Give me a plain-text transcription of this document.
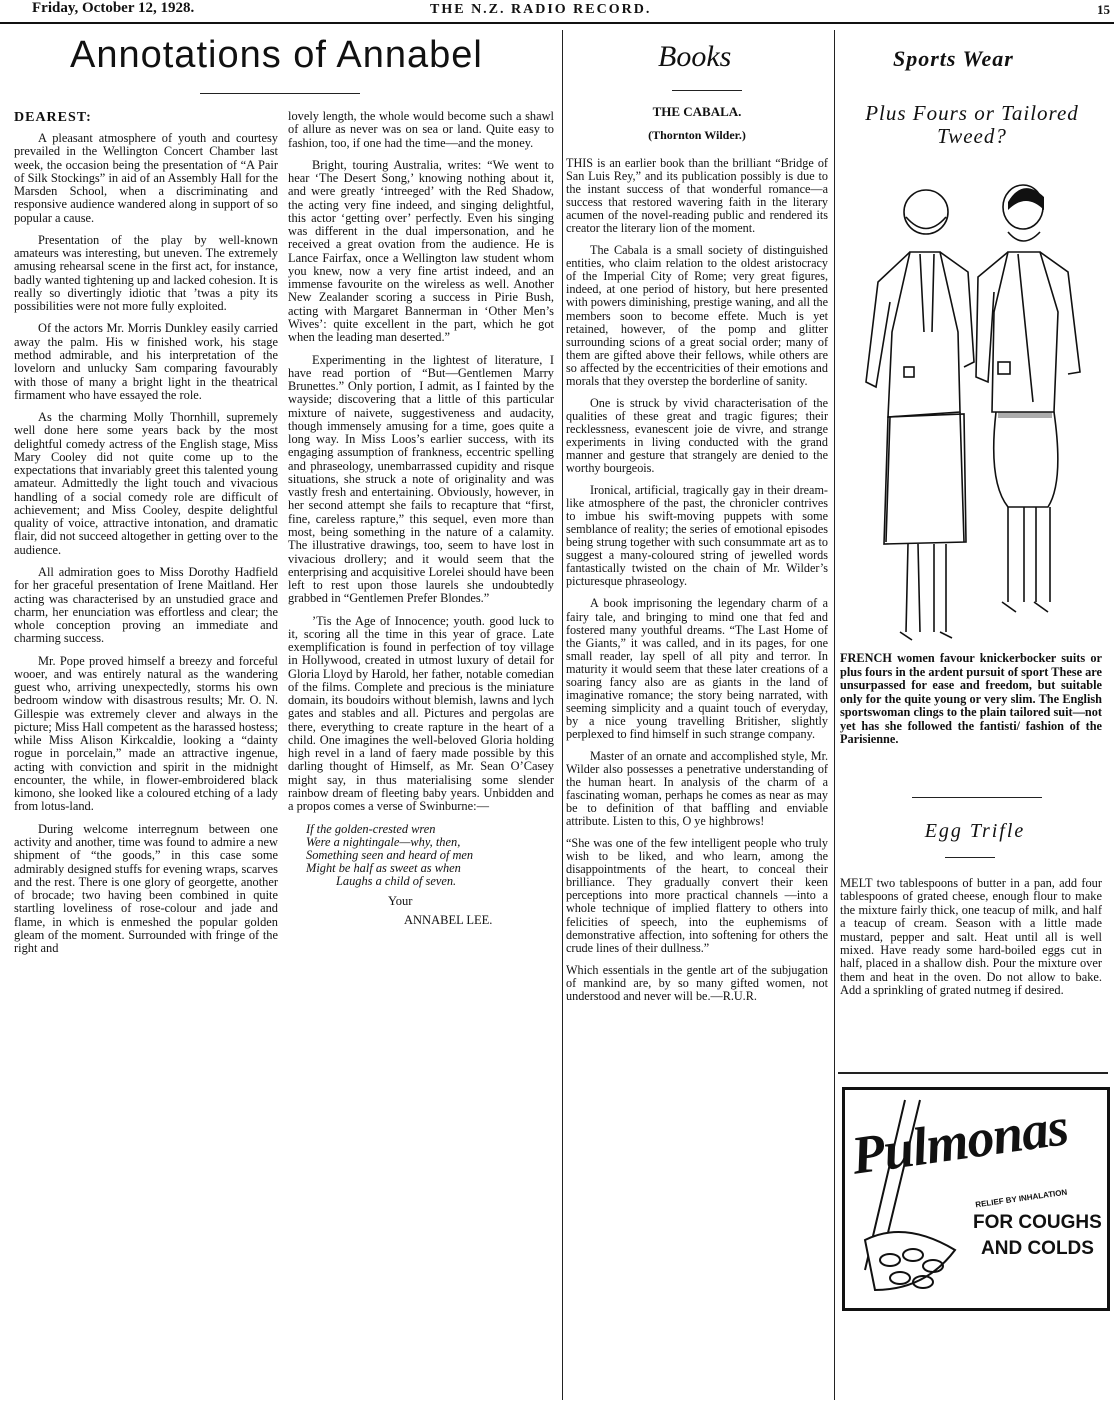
Friday, October 12, 1928.	THE N.Z. RADIO RECORD.	15
Annotations of Annabel	Books	Sports Wear

DEAREST:

A pleasant atmosphere of youth and courtesy prevailed in the Wellington Concert Chamber last week, the occasion being the presentation of “A Pair of Silk Stockings” in aid of an Assembly Hall for the Marsden School, when a discriminating and responsive audience wandered along in support of so popular a cause.

Presentation of the play by well-known amateurs was interesting, but uneven. The extremely amusing rehearsal scene in the first act, for instance, badly wanted tightening up and lacked cohesion. It is really so divertingly idiotic that ’twas a pity its possibilities were not more fully exploited.

Of the actors Mr. Morris Dunkley easily carried away the palm. His w finished work, his stage method admirable, and his interpretation of the lovelorn and unlucky Sam comparing favourably with those of many a bright light in the theatrical firmament who have essayed the role.

As the charming Molly Thornhill, supremely well done here some years back by the most delightful comedy actress of the English stage, Miss Mary Cooley did not quite come up to the expectations that invariably greet this talented young amateur. Admittedly the light touch and vivacious handling of a social comedy role are difficult of achievement; and Miss Cooley, despite delightful quality of voice, attractive intonation, and dramatic flair, did not succeed altogether in getting over to the audience.

All admiration goes to Miss Dorothy Hadfield for her graceful presentation of Irene Maitland. Her acting was characterised by an unstudied grace and charm, her enunciation was effortless and clear; the whole conception proving an immediate and charming success.

Mr. Pope proved himself a breezy and forceful wooer, and was entirely natural as the wandering guest who, arriving unexpectedly, storms his own bedroom window with disastrous results; Mr. O. N. Gillespie was extremely clever and always in the picture; Miss Hall competent as the harassed hostess; while Miss Alison Kirkcaldie, looking a “dainty rogue in porcelain,” made an attractive ingenue, acting with conviction and spirit in the midnight encounter, the while, in flower-embroidered black kimono, she looked like a coloured etching of a lady from lotus-land.

During welcome interregnum between one activity and another, time was found to admire a new shipment of “the goods,” in this case some admirably designed stuffs for evening wraps, scarves and the rest. There is one glory of georgette, another of brocade; two having been combined in quite startling loveliness of rose-colour and jade and flame, in which is enmeshed the popular golden gleam of the moment. Surrounded with fringe of the right and

lovely length, the whole would become such a shawl of allure as never was on sea or land. Quite easy to fashion, too, if one had the time—and the money.

Bright, touring Australia, writes: “We went to hear ‘The Desert Song,’ knowing nothing about it, and were greatly ‘intreeged’ with the Red Shadow, the acting very fine indeed, and singing delightful, this actor ‘getting over’ perfectly. Even his singing was different in the dual impersonation, and he received a great ovation from the audience. He is Lance Fairfax, once a Wellington law student whom you knew, now a very fine artist indeed, and an immense favourite on the wireless as well. Another New Zealander scoring a success in Pirie Bush, acting with Margaret Bannerman in ‘Other Men’s Wives’: quite excellent in the part, which he got when the leading man deserted.”

Experimenting in the lightest of literature, I have read portion of “But—Gentlemen Marry Brunettes.” Only portion, I admit, as I fainted by the wayside; discovering that a little of this particular mixture of naivete, suggestiveness and audacity, though immensely amusing for a time, goes quite a long way. In Miss Loos’s earlier success, with its engaging assumption of frankness, eccentric spelling and phraseology, unembarrassed cupidity and risque situations, she struck a note of originality and was vastly fresh and entertaining. Obviously, however, in her second attempt she fails to recapture that “first, fine, careless rapture,” this sequel, even more than most, being something in the nature of a calamity. The illustrative drawings, too, seem to have lost in vivacious drollery; and it would seem that the enterprising and acquisitive Lorelei should have been left to rest upon those laurels she undoubtedly grabbed in “Gentlemen Prefer Blondes.”

’Tis the Age of Innocence; youth. good luck to it, scoring all the time in this year of grace. Late exemplification is found in perfection of toy village in Hollywood, created in utmost luxury of detail for Gloria Lloyd by Harold, her father, notable comedian of the films. Complete and precious is the miniature domain, its boudoirs without blemish, lawns and lych gates and stables and all. Pictures and pergolas are there, everything to create rapture in the heart of a child. One imagines the well-beloved Gloria holding high revel in a land of faery made possible by this darling thought of Himself, as Mr. Sean O’Casey might say, in thus materialising some slender rainbow dream of fleeting baby years. Unbidden and a propos comes a verse of Swinburne:—

If the golden-crested wren
Were a nightingale—why, then,
Something seen and heard of men
Might be half as sweet as when
Laughs a child of seven.
Your
ANNABEL LEE.
THE CABALA.
(Thornton Wilder.)

THIS is an earlier book than the brilliant “Bridge of San Luis Rey,” and its publication possibly is due to the instant success of that wonderful romance—a success that restored wavering faith in the literary acumen of the novel-reading public and rendered its creator the literary lion of the moment.

The Cabala is a small society of distinguished entities, who claim relation to the oldest aristocracy of the Imperial City of Rome; very great figures, indeed, at one period of history, but here presented with powers diminishing, prestige waning, and all the members soon to become effete. Much is yet retained, however, of the pomp and glitter surrounding scions of a great social order; many of them are gifted above their fellows, while others are so affected by the eccentricities of their emotions and morals that they overstep the borderline of sanity.

One is struck by vivid characterisation of the qualities of these great and tragic figures; their recklessness, evanescent joie de vivre, and strange experiments in living conducted with the grand manner and gesture that strangely are denied to the worthy bourgeois.

Ironical, artificial, tragically gay in their dream-like atmosphere of the past, the chronicler contrives to imbue his swift-moving puppets with some semblance of reality; the series of emotional episodes being strung together with such consummate art as to suggest a many-coloured string of jewelled words fantastically twisted on the chain of Mr. Wilder’s picturesque phraseology.

A book imprisoning the legendary charm of a fairy tale, and bringing to mind one that fed and fostered many youthful dreams. “The Last Home of the Giants,” it was called, and in its pages, for one small reader, lay spell of all pity and terror. In maturity it would seem that these later creations of a soaring fancy also are as giants in the land of imaginative romance; the story being narrated, with seeming simplicity and a quaint touch of everyday, by a nice young travelling Britisher, slightly perplexed to find himself in such strange company.

Master of an ornate and accomplished style, Mr. Wilder also possesses a penetrative understanding of the human heart. In analysis of the charm of a fascinating woman, perhaps he comes as near as may be to definition of that baffling and enviable attribute. Listen to this, O ye highbrows!

“She was one of the few intelligent people who truly wish to be liked, and who learn, among the disappointments of the heart, to conceal their brilliance. They gradually convert their keen perceptions into more practical channels —into a whole technique of implied flattery to others into felicities of speech, into the euphemisms of demonstrative affection, into softening for others the crude lines of their dullness.”

Which essentials in the gentle art of the subjugation of mankind are, by so many gifted women, not understood and never will be.—R.U.R.

Plus Fours or Tailored
Tweed?
FRENCH women favour knickerbocker suits or plus fours in the ardent pursuit of sport These are unsurpassed for ease and freedom, but suitable only for the quite young or very slim. The English sportswoman clings to the plain tailored suit—not yet has she followed the fantisti/ fashion of the Parisienne.
Egg Trifle
MELT two tablespoons of butter in a pan, add four tablespoons of grated cheese, enough flour to make the mixture fairly thick, one teacup of milk, and half a teacup of cream. Season with a little made mustard, pepper and salt. Heat until all is well mixed. Have ready some hard-boiled eggs cut in half, placed in a shallow dish. Pour the mixture over them and heat in the oven. Do not allow to bake. Add a sprinkling of grated nutmeg if desired.
Pulmonas
RELIEF BY INHALATION
FOR COUGHS
AND COLDS
